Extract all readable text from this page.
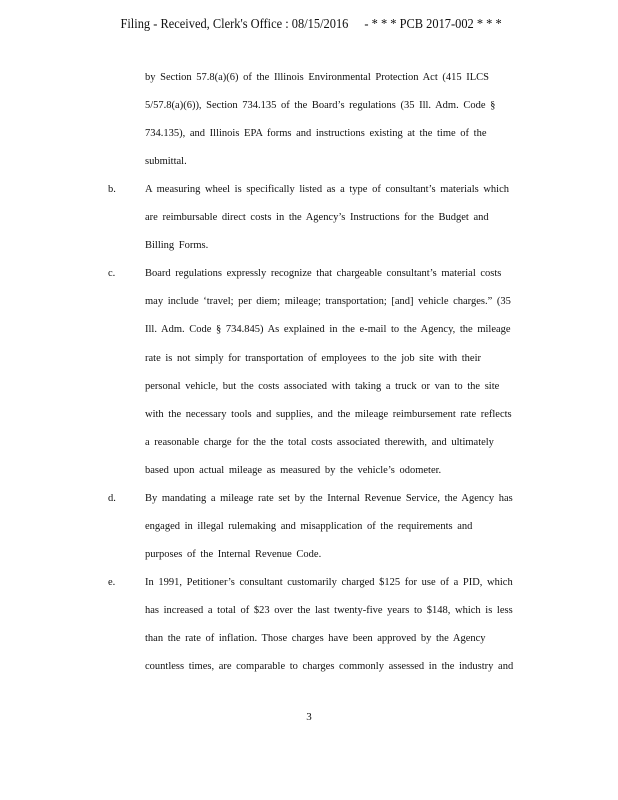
Filing - Received, Clerk's Office : 08/15/2016 - * * * PCB 2017-002 * * *
by Section 57.8(a)(6) of the Illinois Environmental Protection Act (415 ILCS
5/57.8(a)(6)), Section 734.135 of the Board’s regulations (35 Ill. Adm. Code §
734.135), and Illinois EPA forms and instructions existing at the time of the
submittal.
b.	A measuring wheel is specifically listed as a type of consultant’s materials which
are reimbursable direct costs in the Agency’s Instructions for the Budget and
Billing Forms.
c.	Board regulations expressly recognize that chargeable consultant’s material costs
may include ‘travel; per diem; mileage; transportation; [and] vehicle charges.” (35
Ill. Adm. Code § 734.845) As explained in the e-mail to the Agency, the mileage
rate is not simply for transportation of employees to the job site with their
personal vehicle, but the costs associated with taking a truck or van to the site
with the necessary tools and supplies, and the mileage reimbursement rate reflects
a reasonable charge for the the total costs associated therewith, and ultimately
based upon actual mileage as measured by the vehicle’s odometer.
d.	By mandating a mileage rate set by the Internal Revenue Service, the Agency has
engaged in illegal rulemaking and misapplication of the requirements and
purposes of the Internal Revenue Code.
e.	In 1991, Petitioner’s consultant customarily charged $125 for use of a PID, which
has increased a total of $23 over the last twenty-five years to $148, which is less
than the rate of inflation. Those charges have been approved by the Agency
countless times, are comparable to charges commonly assessed in the industry and
3
